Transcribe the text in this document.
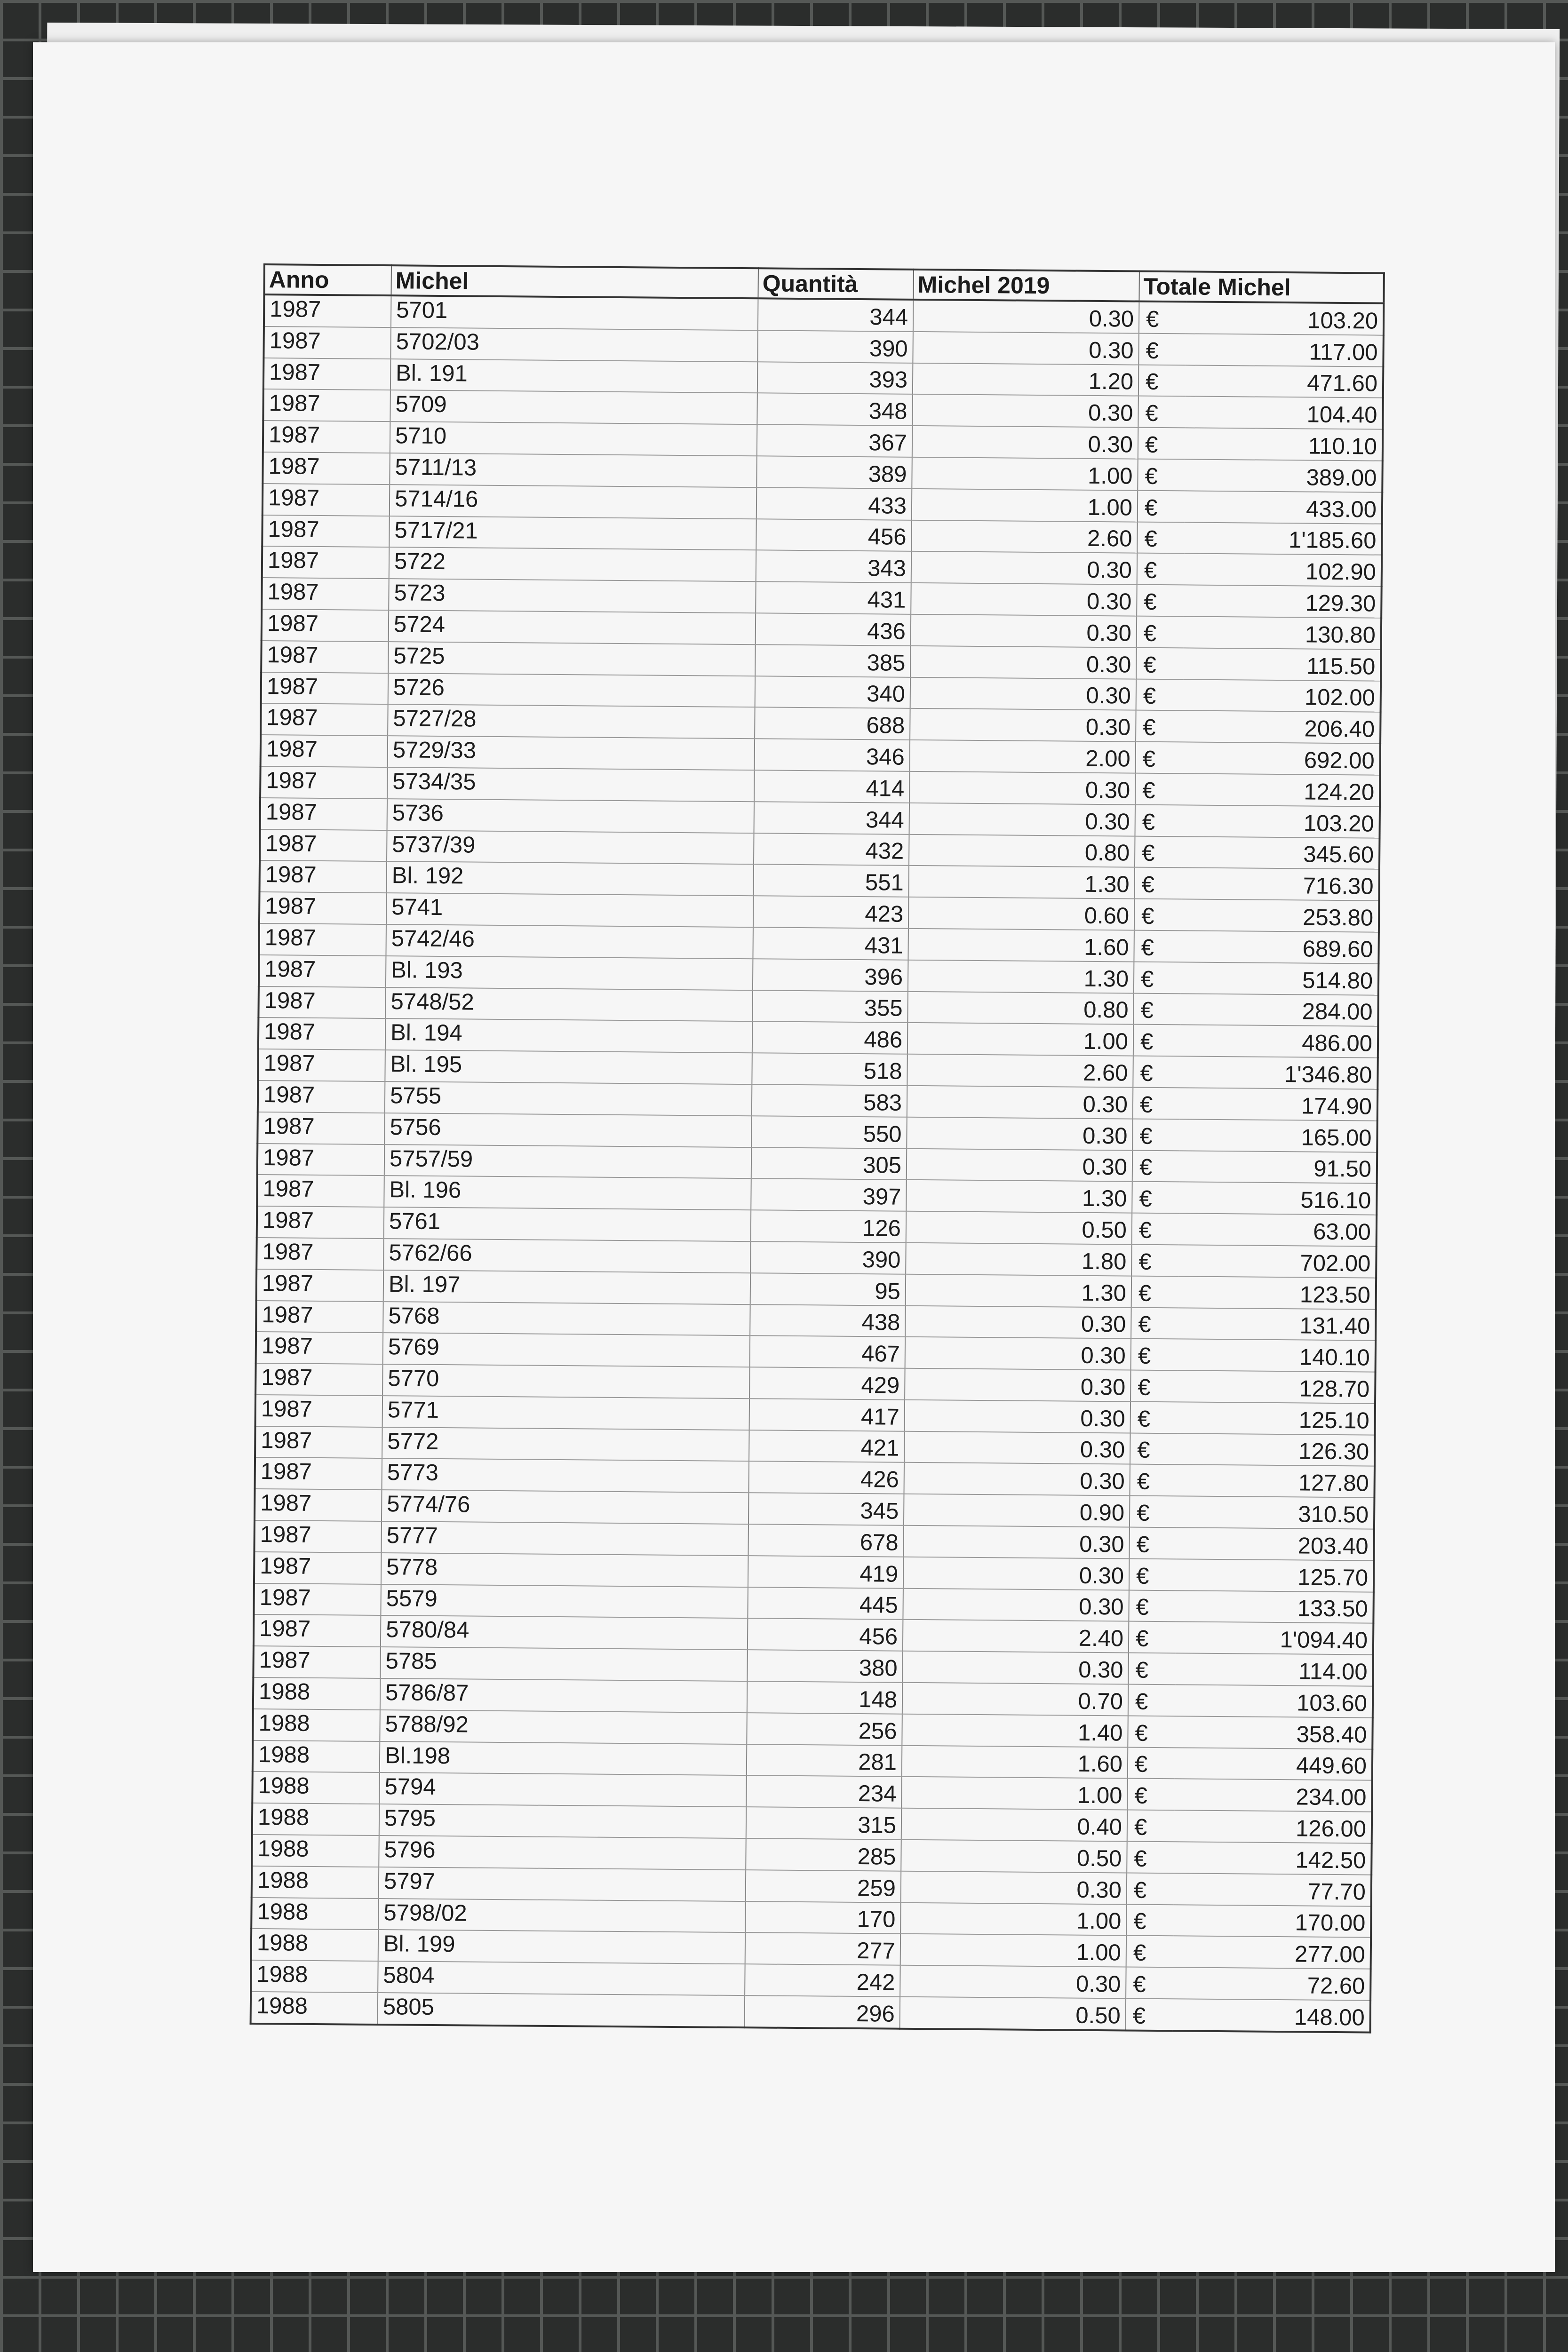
Anno	Michel	Quantità	Michel 2019	Totale Michel	
1987	5701	344	0.30	€	103.20
1987	5702/03	390	0.30	€	117.00
1987	Bl. 191	393	1.20	€	471.60
1987	5709	348	0.30	€	104.40
1987	5710	367	0.30	€	110.10
1987	5711/13	389	1.00	€	389.00
1987	5714/16	433	1.00	€	433.00
1987	5717/21	456	2.60	€	1'185.60
1987	5722	343	0.30	€	102.90
1987	5723	431	0.30	€	129.30
1987	5724	436	0.30	€	130.80
1987	5725	385	0.30	€	115.50
1987	5726	340	0.30	€	102.00
1987	5727/28	688	0.30	€	206.40
1987	5729/33	346	2.00	€	692.00
1987	5734/35	414	0.30	€	124.20
1987	5736	344	0.30	€	103.20
1987	5737/39	432	0.80	€	345.60
1987	Bl. 192	551	1.30	€	716.30
1987	5741	423	0.60	€	253.80
1987	5742/46	431	1.60	€	689.60
1987	Bl. 193	396	1.30	€	514.80
1987	5748/52	355	0.80	€	284.00
1987	Bl. 194	486	1.00	€	486.00
1987	Bl. 195	518	2.60	€	1'346.80
1987	5755	583	0.30	€	174.90
1987	5756	550	0.30	€	165.00
1987	5757/59	305	0.30	€	91.50
1987	Bl. 196	397	1.30	€	516.10
1987	5761	126	0.50	€	63.00
1987	5762/66	390	1.80	€	702.00
1987	Bl. 197	95	1.30	€	123.50
1987	5768	438	0.30	€	131.40
1987	5769	467	0.30	€	140.10
1987	5770	429	0.30	€	128.70
1987	5771	417	0.30	€	125.10
1987	5772	421	0.30	€	126.30
1987	5773	426	0.30	€	127.80
1987	5774/76	345	0.90	€	310.50
1987	5777	678	0.30	€	203.40
1987	5778	419	0.30	€	125.70
1987	5579	445	0.30	€	133.50
1987	5780/84	456	2.40	€	1'094.40
1987	5785	380	0.30	€	114.00
1988	5786/87	148	0.70	€	103.60
1988	5788/92	256	1.40	€	358.40
1988	Bl.198	281	1.60	€	449.60
1988	5794	234	1.00	€	234.00
1988	5795	315	0.40	€	126.00
1988	5796	285	0.50	€	142.50
1988	5797	259	0.30	€	77.70
1988	5798/02	170	1.00	€	170.00
1988	Bl. 199	277	1.00	€	277.00
1988	5804	242	0.30	€	72.60
1988	5805	296	0.50	€	148.00
